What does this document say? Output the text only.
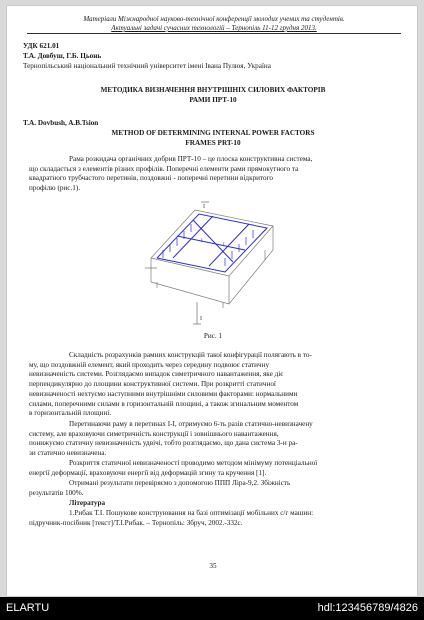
Матеріали Міжнародної науково-технічної конференції молодих учених та студентів.
Актуальні задачі сучасних технологій – Тернопіль 11-12 грудня 2013.
УДК 621.01
Т.А. Довбуш, Г.Б. Цьонь
Тернопільський національний технічний університет імені Івана Пулюя, Україна
МЕТОДИКА ВИЗНАЧЕННЯ ВНУТРІШНІХ СИЛОВИХ ФАКТОРІВ
РАМИ ПРТ-10
T.A. Dovbush, A.B.Tsion
METHOD OF DETERMINING INTERNAL POWER FACTORS
FRAMES PRT-10
Рама розкидача органічних добрив ПРТ-10 – це плоска конструктивна система,
що складається з елементів різних профілів. Поперечні елементи рами прямокутного та
квадратного трубчастого перетинів, поздовжні - поперечні перетини відкритого
профілю (рис.1).
І
І
І
І
Рис. 1
Складність розрахунків рамних конструкцій такої конфігурації полягають в то-
му, що поздовжній елемент, який проходить через середину подвоює статичну
невизначеність системи. Розглядаємо випадок симетричного навантаження, яке діє
перпендикулярно до площини конструктивної системи. При розкритті статичної
невизначеності нехтуємо наступними внутрішніми силовими факторами: нормальними
силами, поперечними силами в горизонтальній площині, а також згинальним моментом
в горизонтальній площині.
Перетинаючи раму в перетинах І-І, отримуємо 6-ть разів статично-невизначену
систему, але враховуючи симетричність конструкції і зовнішнього навантаження,
понижуємо статичну невизначеність удвічі, тобто розглядаємо, що дана система 3-и ра-
зи статично невизначена.
Розкриття статичної невизначеності проводимо методом мінімуму потенціальної
енергії деформації, враховуючи енергії від деформацій згину та кручення [1].
Отримані результати перевіряємо з допомогою ППП Ліра-9,2. Збіжність
результатів 100%.
Література
1.Рибак Т.І. Пошукове конструювання на базі оптимізації мобільних с/г машин:
підручник-посібник [текст]/Т.І.Рибак. – Тернопіль: Збруч, 2002.-332с.
35
ELARTU	hdl:123456789/4826
